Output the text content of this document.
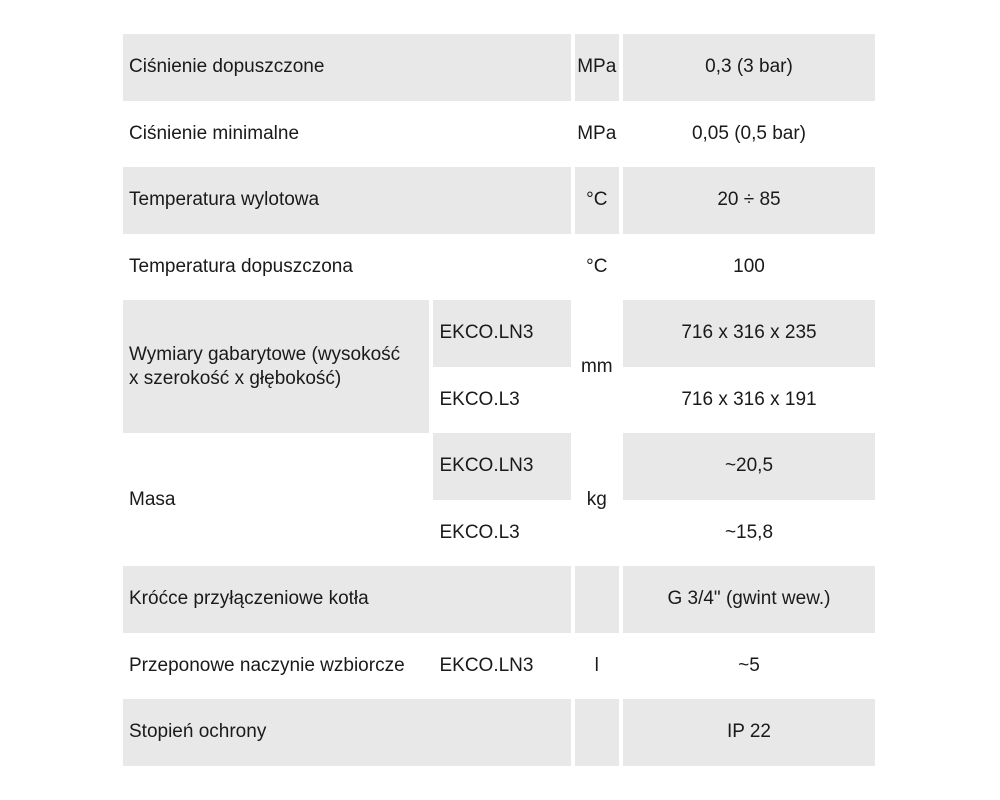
Ciśnienie dopuszczone		MPa	0,3 (3 bar)
Ciśnienie minimalne		MPa	0,05 (0,5 bar)
Temperatura wylotowa		°C	20 ÷ 85
Temperatura dopuszczona		°C	100
Wymiary gabarytowe (wysokość
x szerokość x głębokość)	EKCO.LN3	mm	716 x 316 x 235
	EKCO.L3		716 x 316 x 191
Masa	EKCO.LN3	kg	~20,5
	EKCO.L3		~15,8
Króćce przyłączeniowe kotła			G 3/4" (gwint wew.)
Przeponowe naczynie wzbiorcze	EKCO.LN3	l	~5
Stopień ochrony			IP 22
